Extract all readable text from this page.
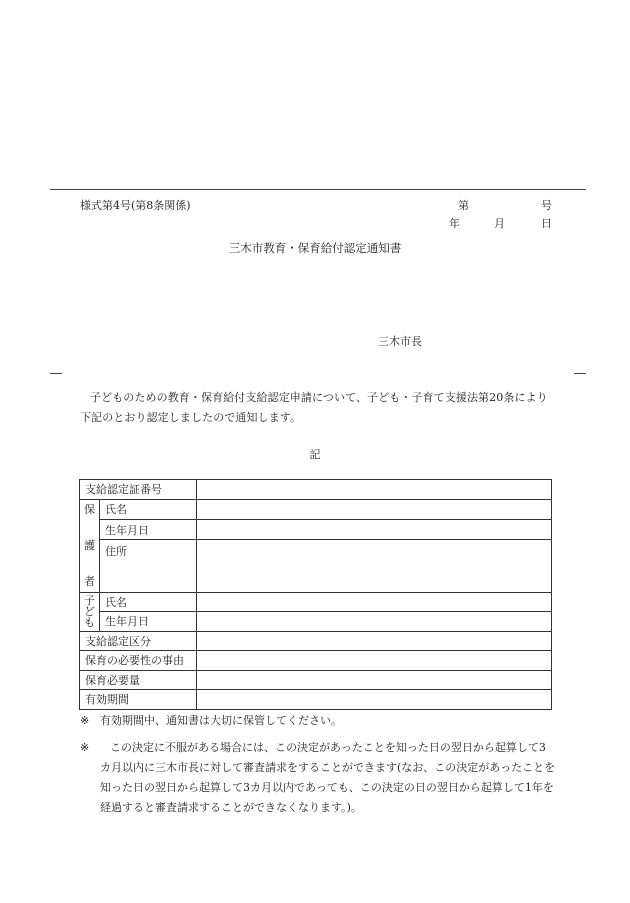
様式第4号(第8条関係)	第	号
年	月	日
三木市教育・保育給付認定通知書
三木市長
子どものための教育・保育給付支給認定申請について、子ども・子育て支援法第20条により下記のとおり認定しましたので通知します。
記
支給認定証番号		

保
護
者	氏名	
	生年月日	
	住所	

子
ど
も	氏名	
	生年月日	
支給認定区分		
保育の必要性の事由		
保育必要量		
有効期間		
※ 有効期間中、通知書は大切に保管してください。
※	この決定に不服がある場合には、この決定があったことを知った日の翌日から起算して3カ月以内に三木市長に対して審査請求をすることができます(なお、この決定があったことを知った日の翌日から起算して3カ月以内であっても、この決定の日の翌日から起算して1年を経過すると審査請求することができなくなります。)。
